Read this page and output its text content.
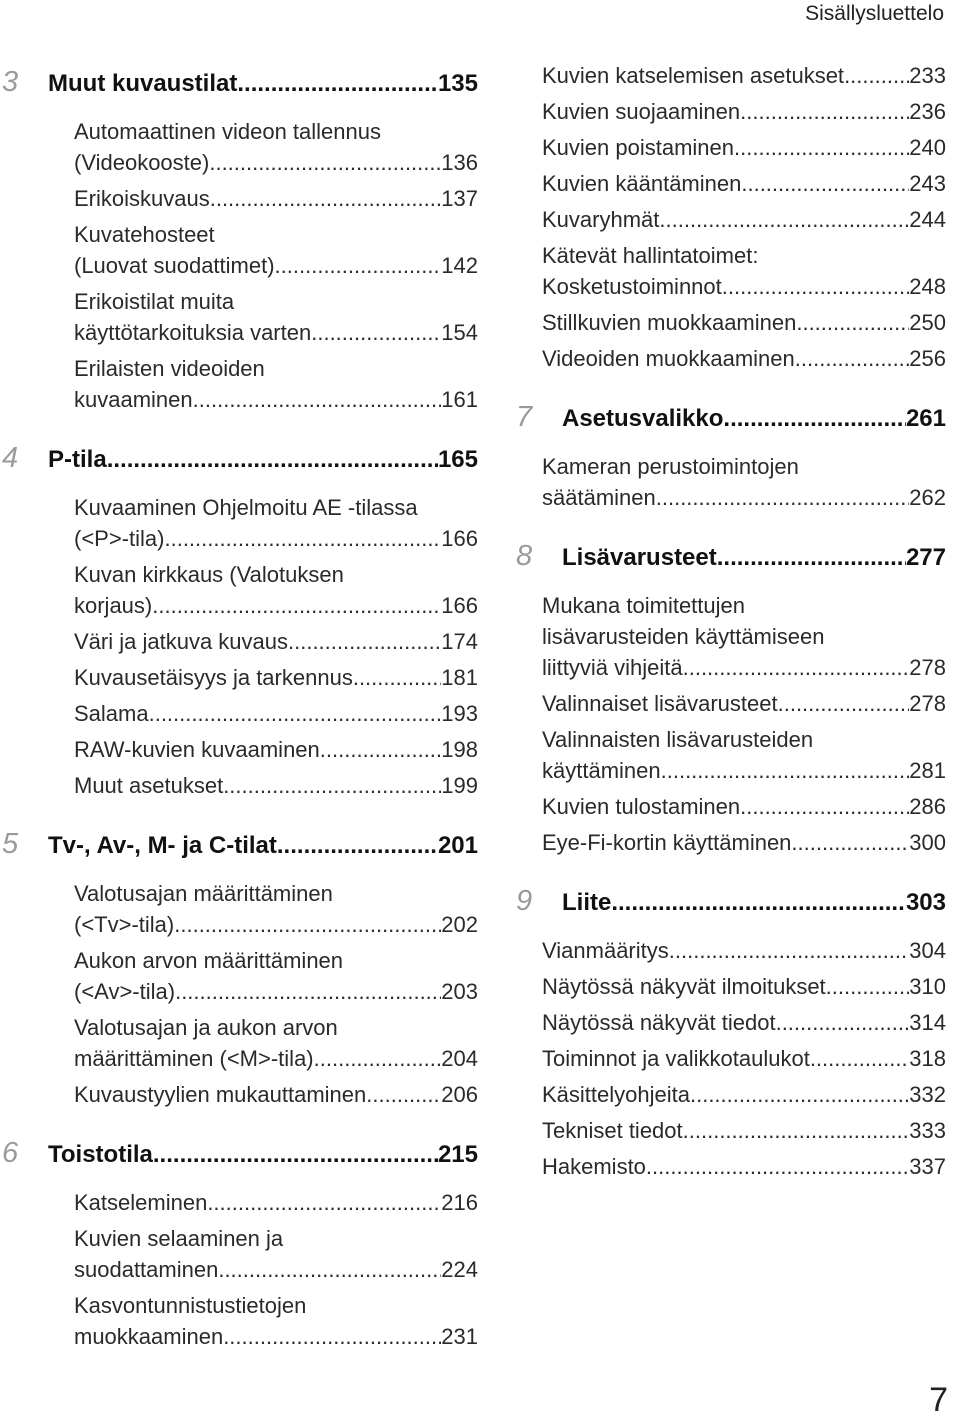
Sisällysluettelo
3	Muut kuvaustilat .....	135
Automaattinen videon tallennus
(Videokooste) .....	136
Erikoiskuvaus .....	137
Kuvatehosteet
(Luovat suodattimet) .....	142
Erikoistilat muita
käyttötarkoituksia varten .....	154
Erilaisten videoiden
kuvaaminen .....	161
4	P-tila .....	165
Kuvaaminen Ohjelmoitu AE -tilassa
(<P>-tila) .....	166
Kuvan kirkkaus (Valotuksen
korjaus) .....	166
Väri ja jatkuva kuvaus .....	174
Kuvausetäisyys ja tarkennus .....	181
Salama .....	193
RAW-kuvien kuvaaminen .....	198
Muut asetukset .....	199
5	Tv-, Av-, M- ja C-tilat .....	201
Valotusajan määrittäminen
(<Tv>-tila) .....	202
Aukon arvon määrittäminen
(<Av>-tila) .....	203
Valotusajan ja aukon arvon
määrittäminen (<M>-tila) .....	204
Kuvaustyylien mukauttaminen .....	206
6	Toistotila .....	215
Katseleminen .....	216
Kuvien selaaminen ja
suodattaminen .....	224
Kasvontunnistustietojen
muokkaaminen .....	231
Kuvien katselemisen asetukset .....	233
Kuvien suojaaminen .....	236
Kuvien poistaminen .....	240
Kuvien kääntäminen .....	243
Kuvaryhmät .....	244
Kätevät hallintatoimet:
Kosketustoiminnot .....	248
Stillkuvien muokkaaminen .....	250
Videoiden muokkaaminen .....	256
7	Asetusvalikko .....	261
Kameran perustoimintojen
säätäminen .....	262
8	Lisävarusteet .....	277
Mukana toimitettujen
lisävarusteiden käyttämiseen
liittyviä vihjeitä .....	278
Valinnaiset lisävarusteet .....	278
Valinnaisten lisävarusteiden
käyttäminen .....	281
Kuvien tulostaminen .....	286
Eye-Fi-kortin käyttäminen .....	300
9	Liite .....	303
Vianmääritys .....	304
Näytössä näkyvät ilmoitukset .....	310
Näytössä näkyvät tiedot .....	314
Toiminnot ja valikkotaulukot .....	318
Käsittelyohjeita .....	332
Tekniset tiedot .....	333
Hakemisto .....	337
7
